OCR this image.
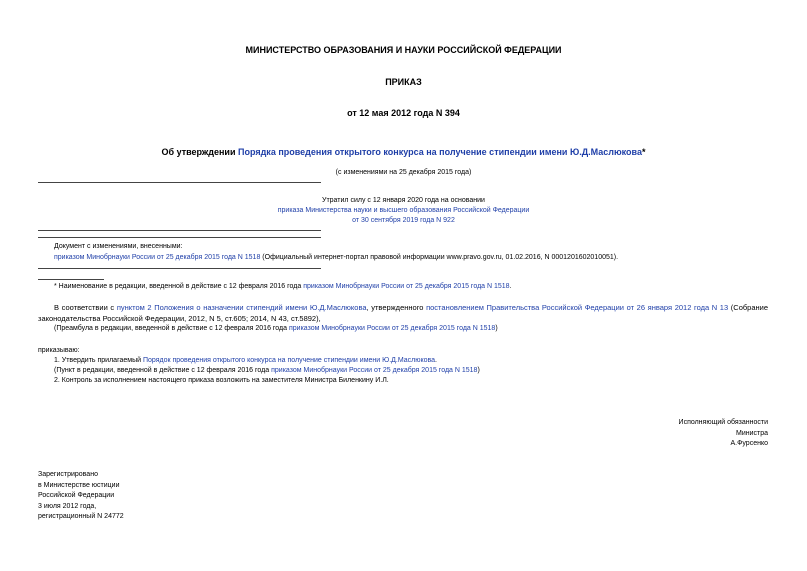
МИНИСТЕРСТВО ОБРАЗОВАНИЯ И НАУКИ РОССИЙСКОЙ ФЕДЕРАЦИИ
ПРИКАЗ
от 12 мая 2012 года N 394
Об утверждении Порядка проведения открытого конкурса на получение стипендии имени Ю.Д.Маслюкова*
(с изменениями на 25 декабря 2015 года)
Утратил силу с 12 января 2020 года на основании
приказа Министерства науки и высшего образования Российской Федерации
от 30 сентября 2019 года N 922
Документ с изменениями, внесенными:
приказом Минобрнауки России от 25 декабря 2015 года N 1518 (Официальный интернет-портал правовой информации www.pravo.gov.ru, 01.02.2016, N 0001201602010051).
* Наименование в редакции, введенной в действие с 12 февраля 2016 года приказом Минобрнауки России от 25 декабря 2015 года N 1518.
В соответствии с пунктом 2 Положения о назначении стипендий имени Ю.Д.Маслюкова, утвержденного постановлением Правительства Российской Федерации от 26 января 2012 года N 13 (Собрание законодательства Российской Федерации, 2012, N 5, ст.605; 2014, N 43, ст.5892),
(Преамбула в редакции, введенной в действие с 12 февраля 2016 года приказом Минобрнауки России от 25 декабря 2015 года N 1518)
приказываю:
1. Утвердить прилагаемый Порядок проведения открытого конкурса на получение стипендии имени Ю.Д.Маслюкова.
(Пункт в редакции, введенной в действие с 12 февраля 2016 года приказом Минобрнауки России от 25 декабря 2015 года N 1518)
2. Контроль за исполнением настоящего приказа возложить на заместителя Министра Биленкину И.Л.
Исполняющий обязанности
Министра
А.Фурсенко
Зарегистрировано
в Министерстве юстиции
Российской Федерации
3 июля 2012 года,
регистрационный N 24772
